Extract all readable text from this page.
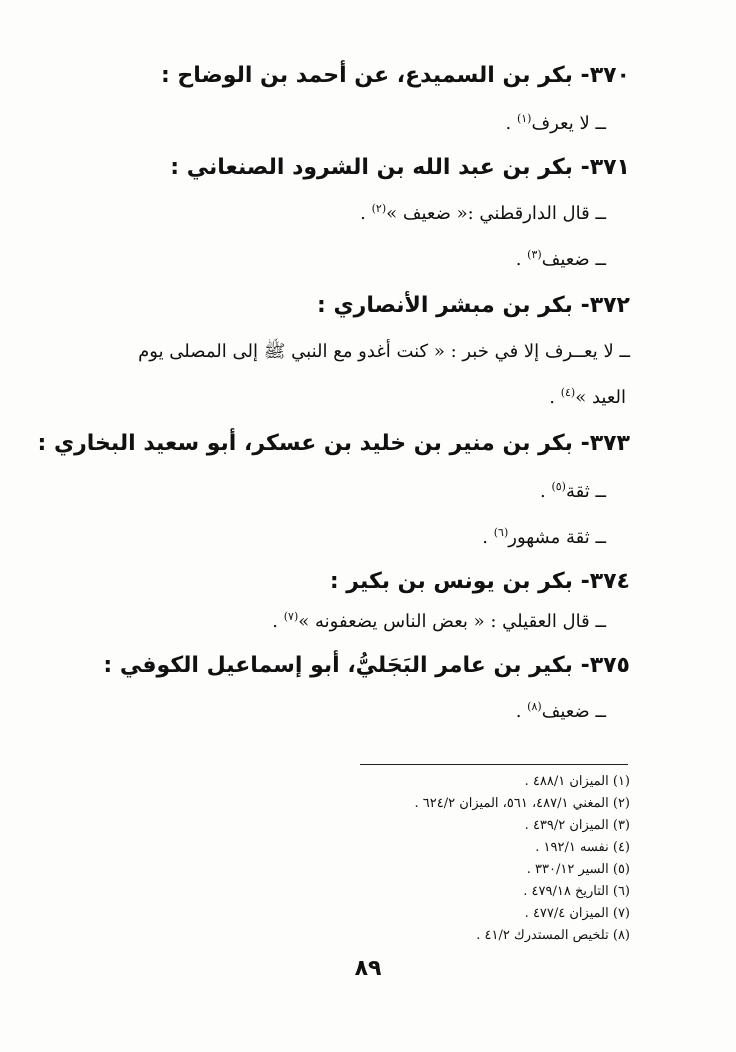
٣٧٠- بكر بن السميدع، عن أحمد بن الوضاح :
ــ لا يعرف$^{(١)}$ .
٣٧١- بكر بن عبد الله بن الشرود الصنعاني :
ــ قال الدارقطني :« ضعيف »$^{(٢)}$ .
ــ ضعيف$^{(٣)}$ .
٣٧٢- بكر بن مبشر الأنصاري :
ــ لا يعــرف إلا في خبر : « كنت أغدو مع النبي ﷺ إلى المصلى يوم
العيد »$^{(٤)}$ .
٣٧٣- بكر بن منير بن خليد بن عسكر، أبو سعيد البخاري :
ــ ثقة$^{(٥)}$ .
ــ ثقة مشهور$^{(٦)}$ .
٣٧٤- بكر بن يونس بن بكير :
ــ قال العقيلي : « بعض الناس يضعفونه »$^{(٧)}$ .
٣٧٥- بكير بن عامر البَجَليُّ، أبو إسماعيل الكوفي :
ــ ضعيف$^{(٨)}$ .
(١) الميزان ٤٨٨/١ .
(٢) المغني ٤٨٧/١، ٥٦١، الميزان ٦٢٤/٢ .
(٣) الميزان ٤٣٩/٢ .
(٤) نفسه ١٩٢/١ .
(٥) السير ٣٣٠/١٢ .
(٦) التاريخ ٤٧٩/١٨ .
(٧) الميزان ٤٧٧/٤ .
(٨) تلخيص المستدرك ٤١/٢ .
٨٩
